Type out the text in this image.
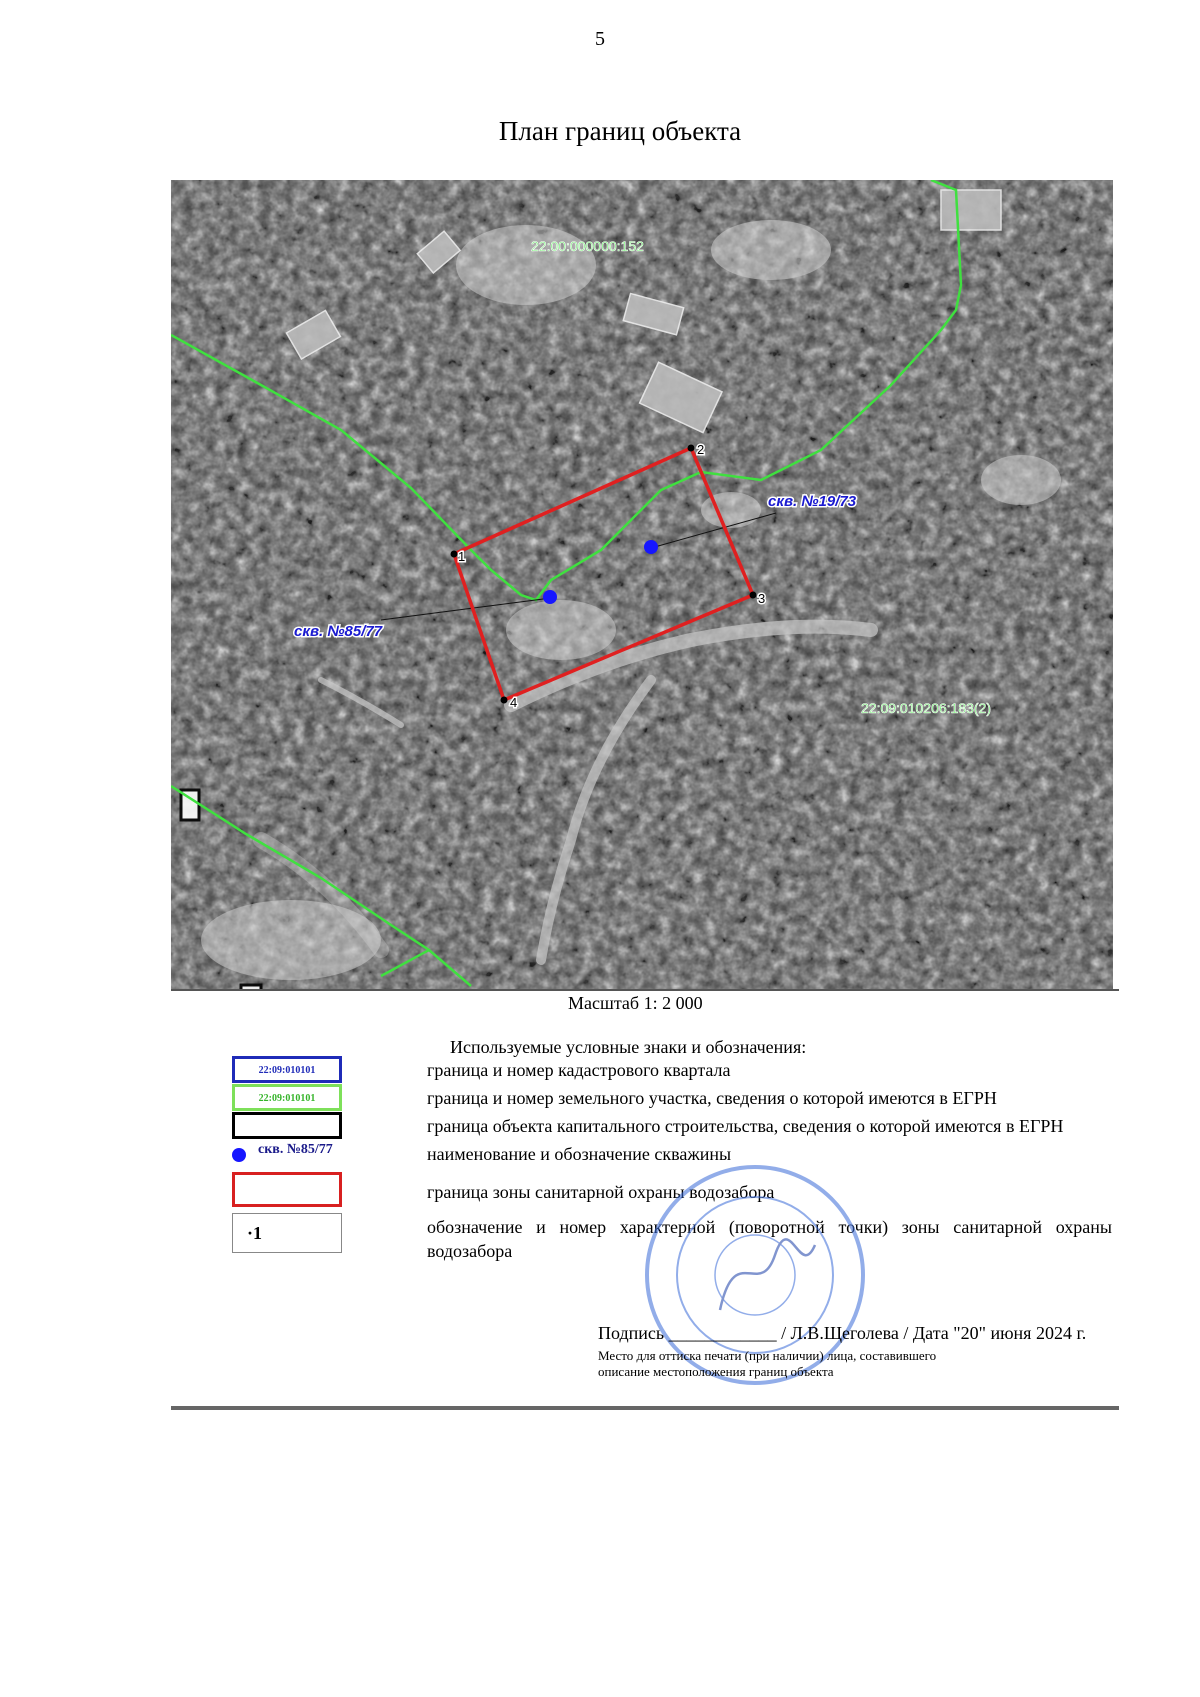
5
План границ объекта
1
2
3
4
22:00:000000:152
22:09:010206:183(2)
скв. №19/73
скв. №85/77
Масштаб 1: 2 000
Используемые условные знаки и обозначения:
22:09:010101	граница и номер кадастрового квартала
22:09:010101	граница и номер земельного участка, сведения о которой имеются в ЕГРН
граница объекта капитального строительства, сведения о которой имеются в ЕГРН
скв. №85/77	наименование и обозначение скважины
граница зоны санитарной охраны водозабора
·1	обозначение и номер характерной (поворотной точки) зоны санитарной охраны водозабора
Подпись ____________ / Л.В.Щеголева / Дата "20" июня 2024 г.
Место для оттиска печати (при наличии) лица, составившего
описание местоположения границ объекта
